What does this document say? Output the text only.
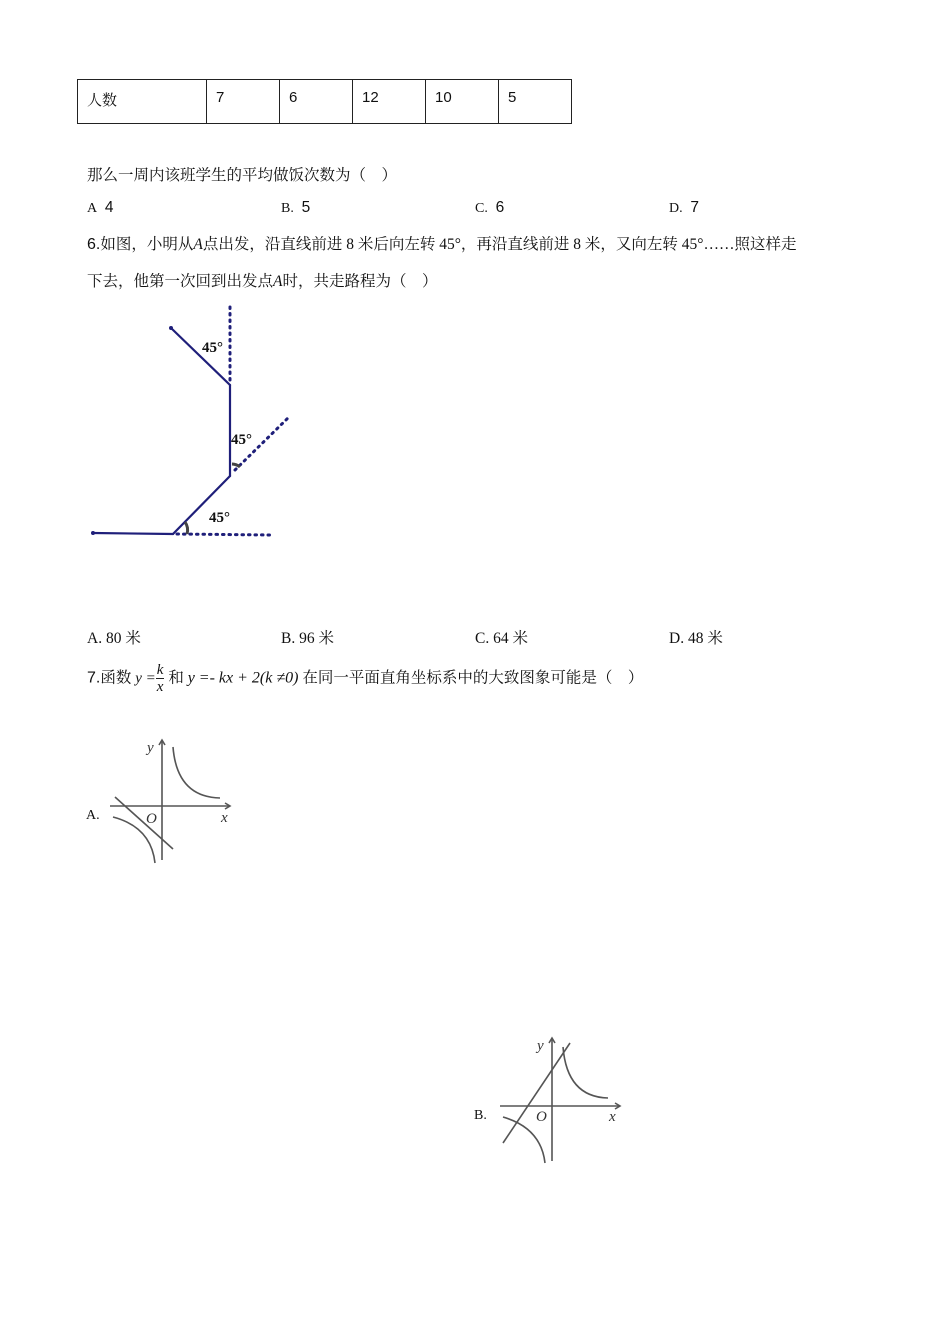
人数	7	6	12	10	5
那么一周内该班学生的平均做饭次数为（　）
A 4	B. 5	C. 6	D. 7
6.如图，小明从A点出发，沿直线前进 8 米后向左转 45°，再沿直线前进 8 米，又向左转 45°……照这样走
下去，他第一次回到出发点A时，共走路程为（　）
45°
45°
45°
A. 80 米	B. 96 米	C. 64 米	D. 48 米
7.函数 $y = \frac{k}{x}$ 和 y =- kx + 2(k ≠0) 在同一平面直角坐标系中的大致图象可能是（　）
A.	x
y
O
B.	x
y
O
